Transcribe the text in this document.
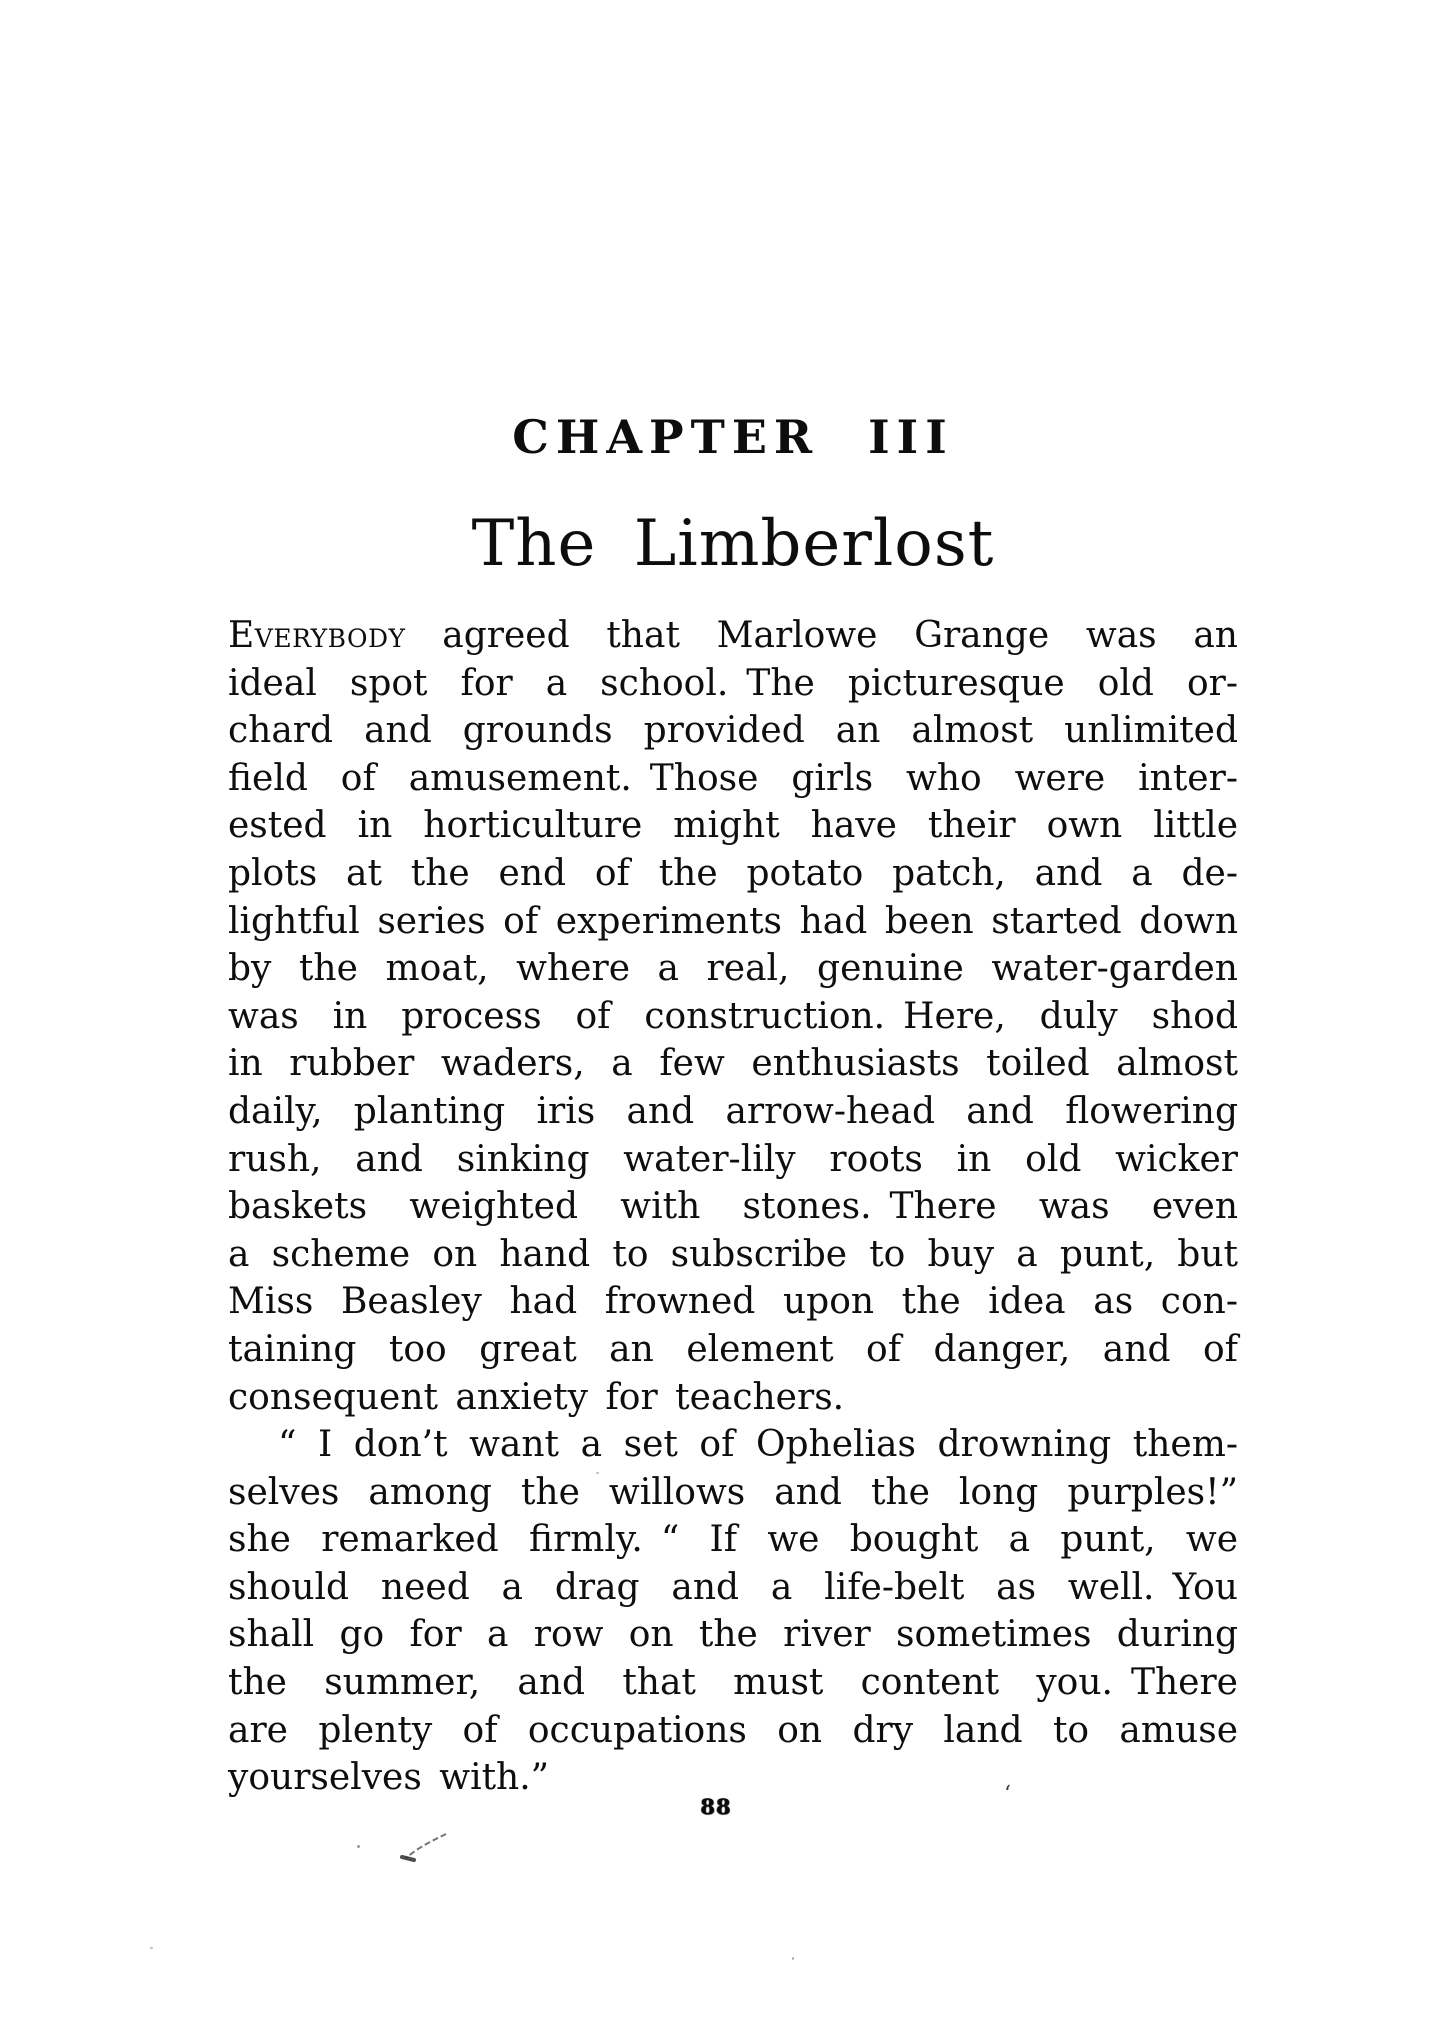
CHAPTER III
The Limberlost
Everybody agreed that Marlowe Grange was an
ideal spot for a school. The picturesque old or-
chard and grounds provided an almost unlimited
field of amusement. Those girls who were inter-
ested in horticulture might have their own little
plots at the end of the potato patch, and a de-
lightful series of experiments had been started down
by the moat, where a real, genuine water-garden
was in process of construction. Here, duly shod
in rubber waders, a few enthusiasts toiled almost
daily, planting iris and arrow-head and flowering
rush, and sinking water-lily roots in old wicker
baskets weighted with stones. There was even
a scheme on hand to subscribe to buy a punt, but
Miss Beasley had frowned upon the idea as con-
taining too great an element of danger, and of
consequent anxiety for teachers.
“ I don’t want a set of Ophelias drowning them-
selves among the willows and the long purples!”
she remarked firmly. “ If we bought a punt, we
should need a drag and a life-belt as well. You
shall go for a row on the river sometimes during
the summer, and that must content you. There
are plenty of occupations on dry land to amuse
yourselves with.”
88	‘
